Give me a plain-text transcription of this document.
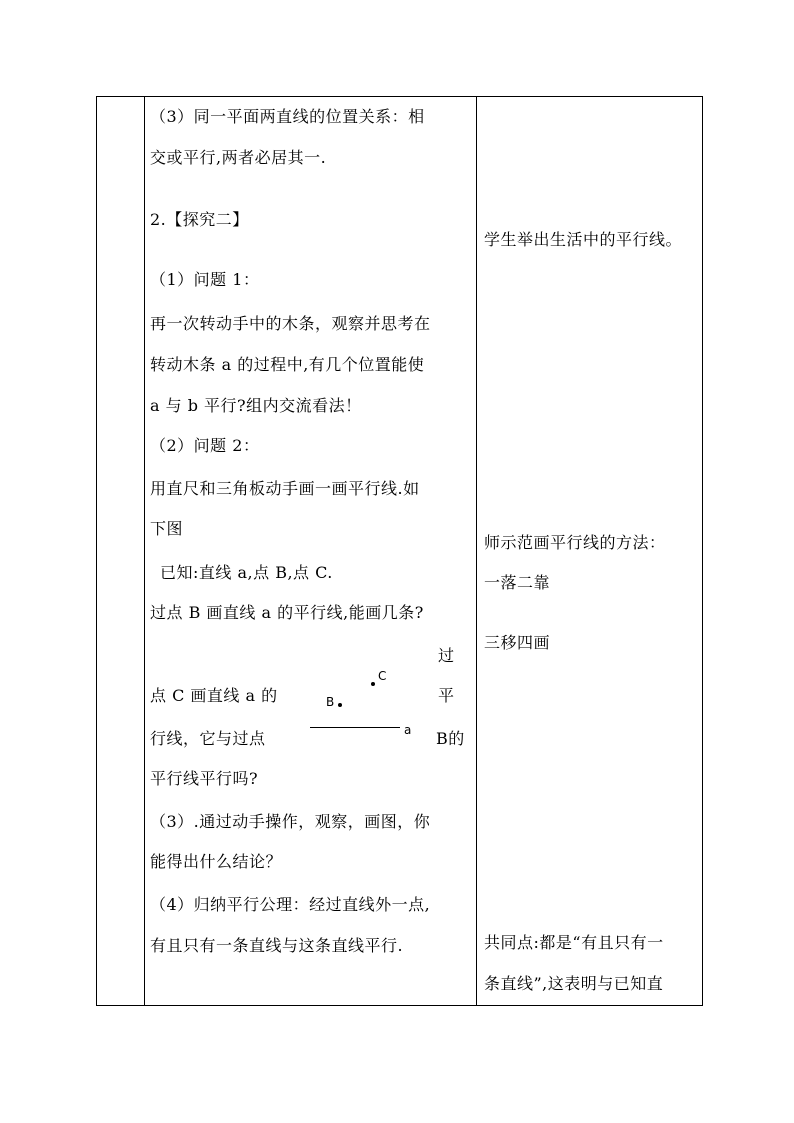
（3）同一平面两直线的位置关系：相
交或平行,两者必居其一.
2.【探究二】
（1）问题 1：
再一次转动手中的木条，观察并思考在
转动木条 a 的过程中,有几个位置能使
a 与 b 平行?组内交流看法！
（2）问题 2：
用直尺和三角板动手画一画平行线.如
下图
已知:直线 a,点 B,点 C.
过点 B 画直线 a 的平行线,能画几条?
过
点 C 画直线 a 的	平
行线，它与过点	B的
平行线平行吗?
C
B
a
（3）.通过动手操作，观察，画图，你
能得出什么结论？
（4）归纳平行公理：经过直线外一点,
有且只有一条直线与这条直线平行.
学生举出生活中的平行线。
师示范画平行线的方法：
一落二靠
三移四画
共同点:都是“有且只有一
条直线”,这表明与已知直
